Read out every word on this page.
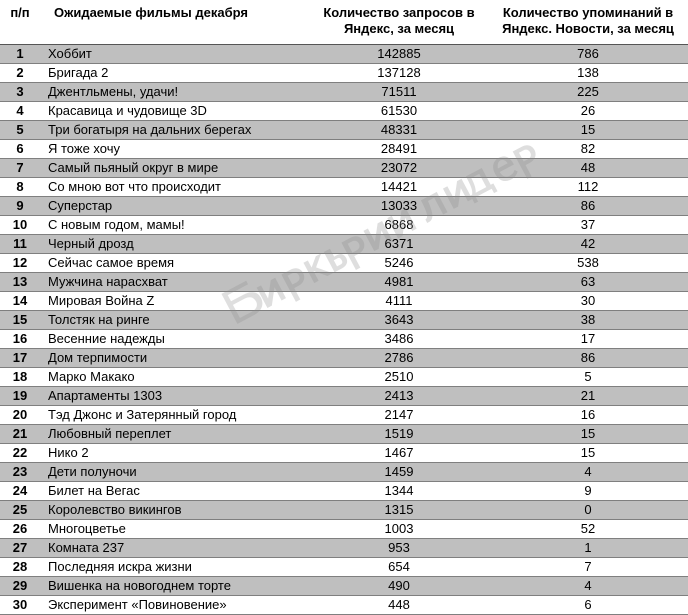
п/п	Ожидаемые фильмы декабря	Количество запросов в Яндекс, за месяц	Количество упоминаний в Яндекс. Новости, за месяц
1	Хоббит	142885	786
2	Бригада 2	137128	138
3	Джентльмены, удачи!	71511	225
4	Красавица и чудовище 3D	61530	26
5	Три богатыря на дальних берегах	48331	15
6	Я тоже хочу	28491	82
7	Самый пьяный округ в мире	23072	48
8	Со мною вот что происходит	14421	112
9	Суперстар	13033	86
10	С новым годом, мамы!	6868	37
11	Черный дрозд	6371	42
12	Сейчас самое время	5246	538
13	Мужчина нарасхват	4981	63
14	Мировая Война Z	4111	30
15	Толстяк на ринге	3643	38
16	Весенние надежды	3486	17
17	Дом терпимости	2786	86
18	Марко Макако	2510	5
19	Апартаменты 1303	2413	21
20	Тэд Джонс и Затерянный город	2147	16
21	Любовный переплет	1519	15
22	Нико 2	1467	15
23	Дети полуночи	1459	4
24	Билет на Вегас	1344	9
25	Королевство викингов	1315	0
26	Многоцветье	1003	52
27	Комната 237	953	1
28	Последняя искра жизни	654	7
29	Вишенка на новогоднем торте	490	4
30	Эксперимент «Повиновение»	448	6
